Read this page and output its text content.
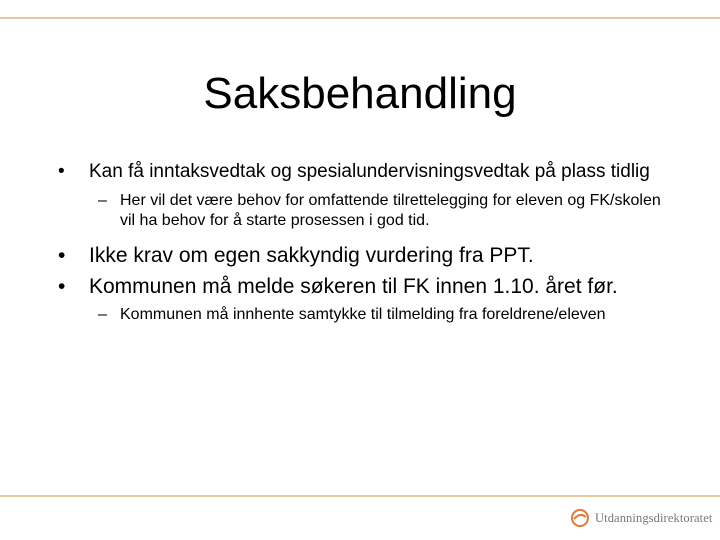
Saksbehandling
• Kan få inntaksvedtak og spesialundervisningsvedtak på plass tidlig
– Her vil det være behov for omfattende tilrettelegging for eleven og FK/skolen vil ha behov for å starte prosessen i god tid.
• Ikke krav om egen sakkyndig vurdering fra PPT.
• Kommunen må melde søkeren til FK innen 1.10. året før.
– Kommunen må innhente samtykke til tilmelding fra foreldrene/eleven
Utdanningsdirektoratet
